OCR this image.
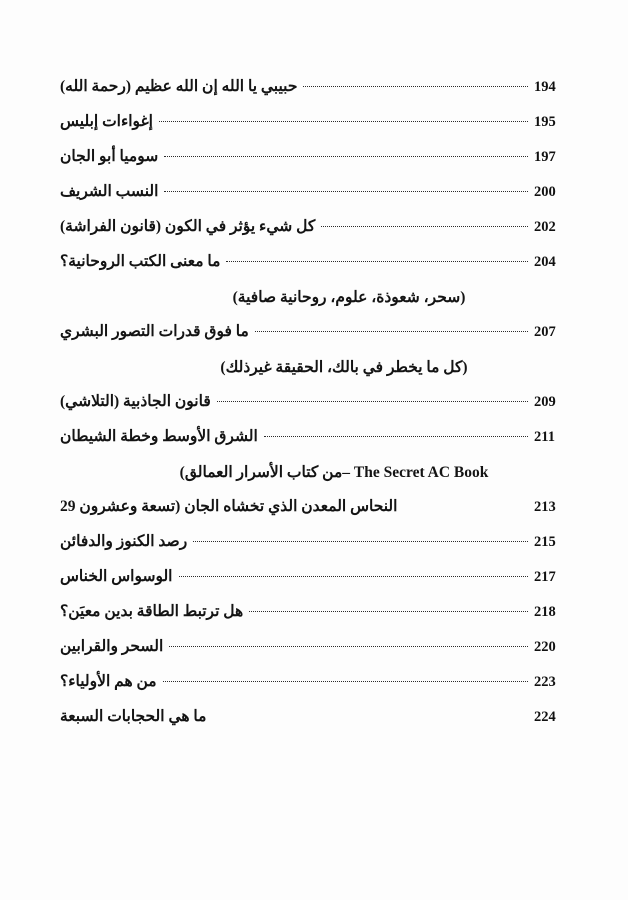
حبيبي يا الله إن الله عظيم (رحمة الله)	194
إغواءات إبليس	195
سوميا أبو الجان	197
النسب الشريف	200
كل شيء يؤثر في الكون (قانون الفراشة)	202
ما معنى الكتب الروحانية؟	204
(سحر، شعوذة، علوم، روحانية صافية)
ما فوق قدرات التصور البشري	207
(كل ما يخطر في بالك، الحقيقة غيرذلك)
قانون الجاذبية (التلاشي)	209
الشرق الأوسط وخطة الشيطان	211
(من كتاب الأسرار العمالق– The Secret AC Book
النحاس المعدن الذي تخشاه الجان (تسعة وعشرون 29	213
رصد الكنوز والدفائن	215
الوسواس الخناس	217
هل ترتبط الطاقة بدين معيَن؟	218
السحر والقرابين	220
من هم الأولياء؟	223
ما هي الحجابات السبعة	224
